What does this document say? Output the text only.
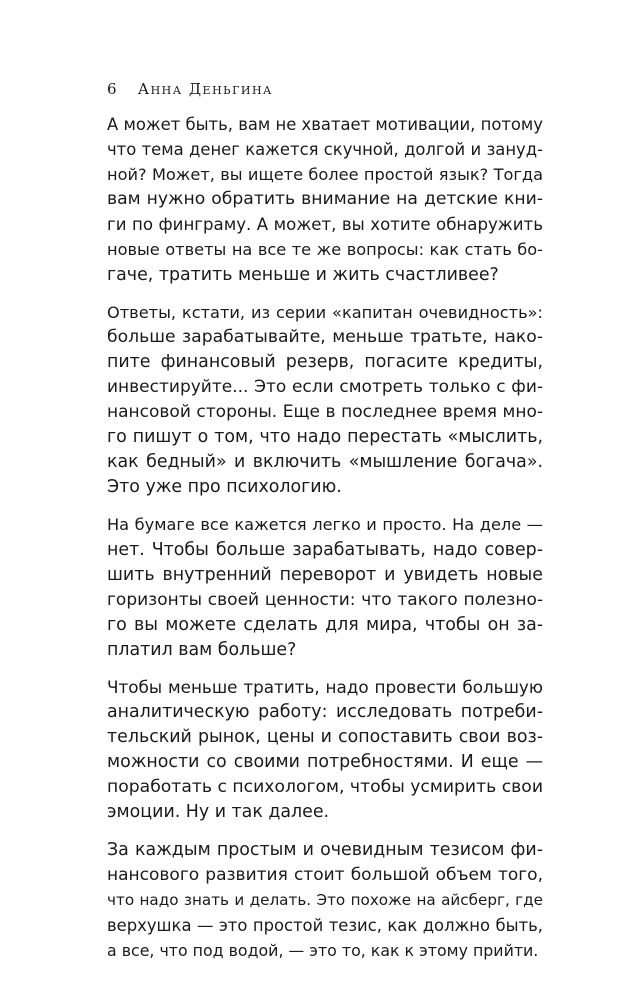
6 Анна Деньгина

А может быть, вам не хватает мотивации, потому
что тема денег кажется скучной, долгой и зануд-
ной? Может, вы ищете более простой язык? Тогда
вам нужно обратить внимание на детские кни-
ги по финграму. А может, вы хотите обнаружить
новые ответы на все те же вопросы: как стать бо-
гаче, тратить меньше и жить счастливее?

Ответы, кстати, из серии «капитан очевидность»:
больше зарабатывайте, меньше тратьте, нако-
пите финансовый резерв, погасите кредиты,
инвестируйте... Это если смотреть только с фи-
нансовой стороны. Еще в последнее время мно-
го пишут о том, что надо перестать «мыслить,
как бедный» и включить «мышление богача».
Это уже про психологию.

На бумаге все кажется легко и просто. На деле —
нет. Чтобы больше зарабатывать, надо совер-
шить внутренний переворот и увидеть новые
горизонты своей ценности: что такого полезно-
го вы можете сделать для мира, чтобы он за-
платил вам больше?

Чтобы меньше тратить, надо провести большую
аналитическую работу: исследовать потреби-
тельский рынок, цены и сопоставить свои воз-
можности со своими потребностями. И еще —
поработать с психологом, чтобы усмирить свои
эмоции. Ну и так далее.

За каждым простым и очевидным тезисом фи-
нансового развития стоит большой объем того,
что надо знать и делать. Это похоже на айсберг, где
верхушка — это простой тезис, как должно быть,
а все, что под водой, — это то, как к этому прийти.
